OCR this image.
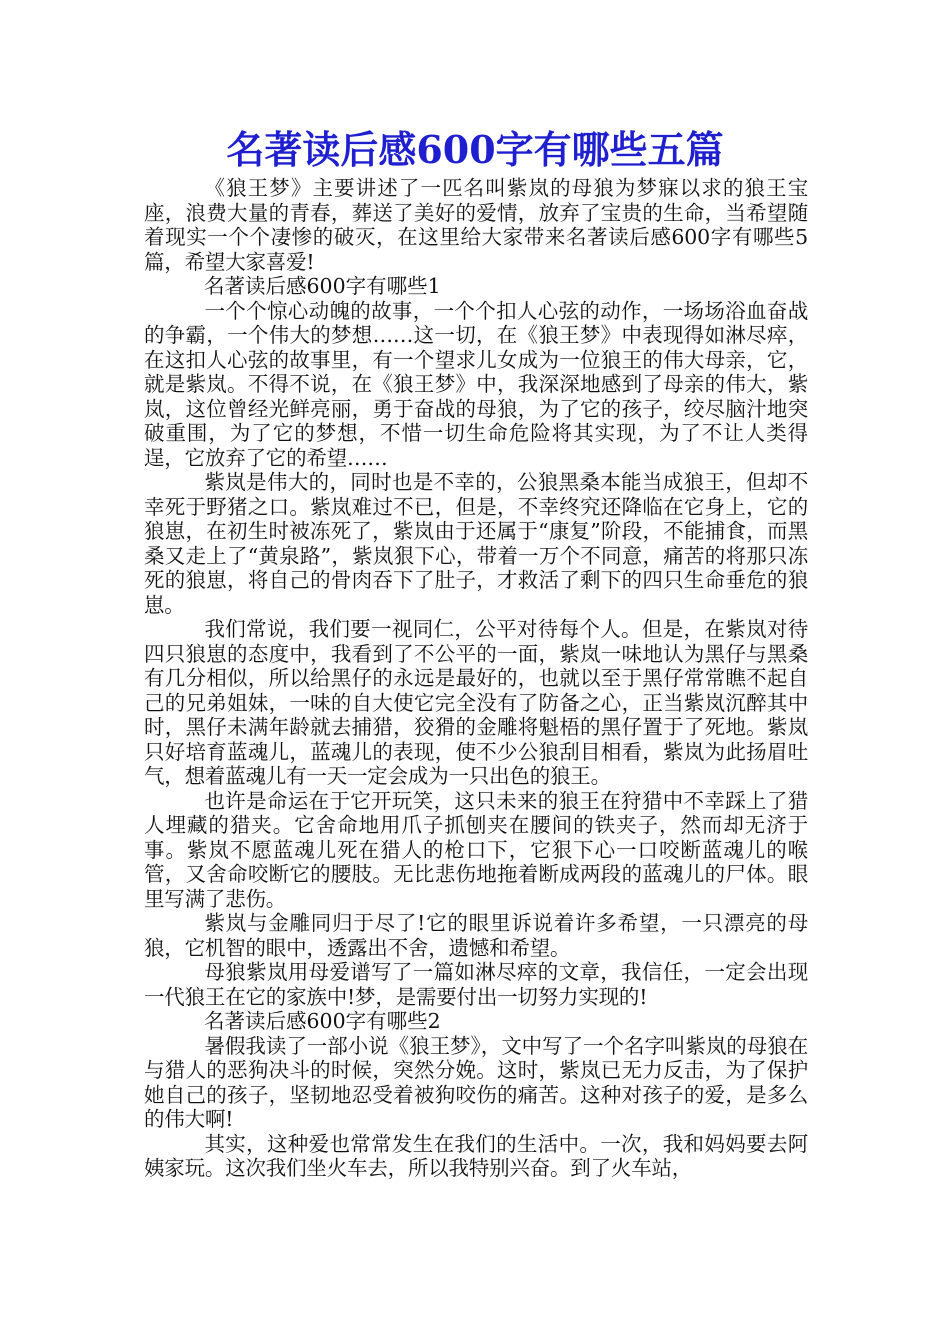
名著读后感600字有哪些五篇

《狼王梦》主要讲述了一匹名叫紫岚的母狼为梦寐以求的狼王宝座，浪费大量的青春，葬送了美好的爱情，放弃了宝贵的生命，当希望随着现实一个个凄惨的破灭，在这里给大家带来名著读后感600字有哪些5篇，希望大家喜爱!

名著读后感600字有哪些1

一个个惊心动魄的故事，一个个扣人心弦的动作，一场场浴血奋战的争霸，一个伟大的梦想……这一切，在《狼王梦》中表现得如淋尽瘁，在这扣人心弦的故事里，有一个望求儿女成为一位狼王的伟大母亲，它，就是紫岚。不得不说，在《狼王梦》中，我深深地感到了母亲的伟大，紫岚，这位曾经光鲜亮丽，勇于奋战的母狼，为了它的孩子，绞尽脑汁地突破重围，为了它的梦想，不惜一切生命危险将其实现，为了不让人类得逞，它放弃了它的希望……

紫岚是伟大的，同时也是不幸的，公狼黑桑本能当成狼王，但却不幸死于野猪之口。紫岚难过不已，但是，不幸终究还降临在它身上，它的狼崽，在初生时被冻死了，紫岚由于还属于“康复”阶段，不能捕食，而黑桑又走上了“黄泉路”，紫岚狠下心，带着一万个不同意，痛苦的将那只冻死的狼崽，将自己的骨肉吞下了肚子，才救活了剩下的四只生命垂危的狼崽。

我们常说，我们要一视同仁，公平对待每个人。但是，在紫岚对待四只狼崽的态度中，我看到了不公平的一面，紫岚一味地认为黑仔与黑桑有几分相似，所以给黑仔的永远是最好的，也就以至于黑仔常常瞧不起自己的兄弟姐妹，一味的自大使它完全没有了防备之心，正当紫岚沉醉其中时，黑仔未满年龄就去捕猎，狡猾的金雕将魁梧的黑仔置于了死地。紫岚只好培育蓝魂儿，蓝魂儿的表现，使不少公狼刮目相看，紫岚为此扬眉吐气，想着蓝魂儿有一天一定会成为一只出色的狼王。

也许是命运在于它开玩笑，这只未来的狼王在狩猎中不幸踩上了猎人埋藏的猎夹。它舍命地用爪子抓刨夹在腰间的铁夹子，然而却无济于事。紫岚不愿蓝魂儿死在猎人的枪口下，它狠下心一口咬断蓝魂儿的喉管，又舍命咬断它的腰肢。无比悲伤地拖着断成两段的蓝魂儿的尸体。眼里写满了悲伤。

紫岚与金雕同归于尽了!它的眼里诉说着许多希望，一只漂亮的母狼，它机智的眼中，透露出不舍，遗憾和希望。

母狼紫岚用母爱谱写了一篇如淋尽瘁的文章，我信任，一定会出现一代狼王在它的家族中!梦，是需要付出一切努力实现的!

名著读后感600字有哪些2

暑假我读了一部小说《狼王梦》，文中写了一个名字叫紫岚的母狼在与猎人的恶狗决斗的时候，突然分娩。这时，紫岚已无力反击，为了保护她自己的孩子，坚韧地忍受着被狗咬伤的痛苦。这种对孩子的爱，是多么的伟大啊!

其实，这种爱也常常发生在我们的生活中。一次，我和妈妈要去阿姨家玩。这次我们坐火车去，所以我特别兴奋。到了火车站，
